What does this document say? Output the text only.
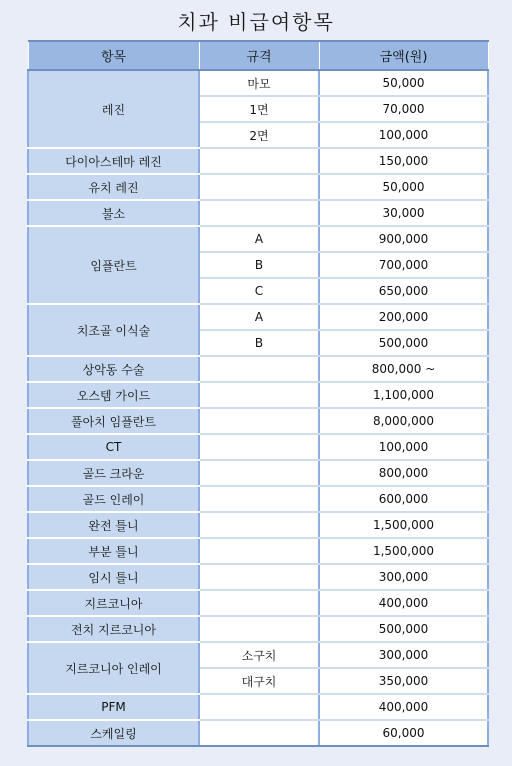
치과 비급여항목
항목	규격	금액(원)
레진	마모	50,000
	1면	70,000
	2면	100,000
다이아스테마 레진		150,000
유치 레진		50,000
불소		30,000
임플란트	A	900,000
	B	700,000
	C	650,000
치조골 이식술	A	200,000
	B	500,000
상악동 수술		800,000 ~
오스템 가이드		1,100,000
풀아치 임플란트		8,000,000
CT		100,000
골드 크라운		800,000
골드 인레이		600,000
완전 틀니		1,500,000
부분 틀니		1,500,000
임시 틀니		300,000
지르코니아		400,000
전치 지르코니아		500,000
지르코니아 인레이	소구치	300,000
	대구치	350,000
PFM		400,000
스케일링		60,000
